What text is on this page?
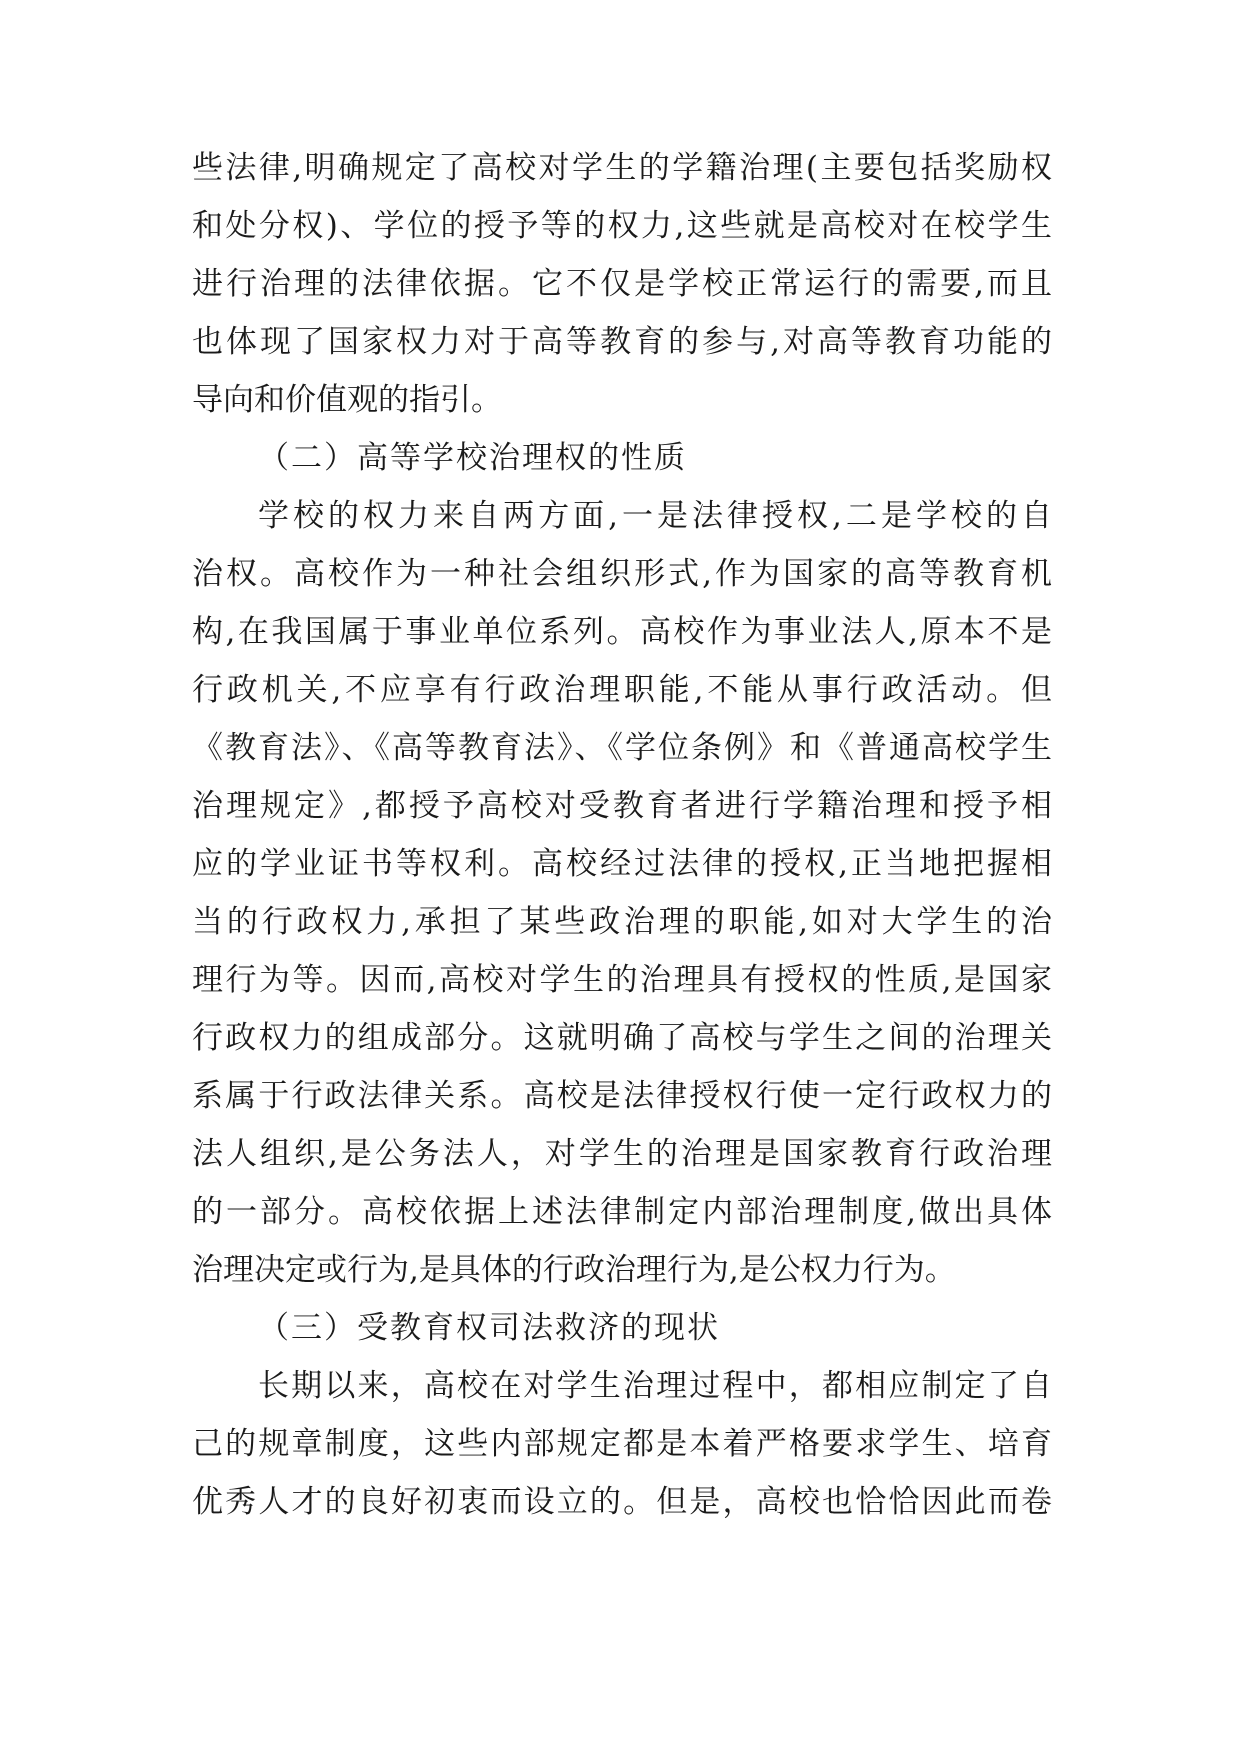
些法律,明确规定了高校对学生的学籍治理(主要包括奖励权
和处分权)、学位的授予等的权力,这些就是高校对在校学生
进行治理的法律依据。它不仅是学校正常运行的需要,而且
也体现了国家权力对于高等教育的参与,对高等教育功能的
导向和价值观的指引。
（二）高等学校治理权的性质
学校的权力来自两方面,一是法律授权,二是学校的自
治权。高校作为一种社会组织形式,作为国家的高等教育机
构,在我国属于事业单位系列。高校作为事业法人,原本不是
行政机关,不应享有行政治理职能,不能从事行政活动。但
《教育法》、《高等教育法》、《学位条例》和《普通高校学生
治理规定》,都授予高校对受教育者进行学籍治理和授予相
应的学业证书等权利。高校经过法律的授权,正当地把握相
当的行政权力,承担了某些政治理的职能,如对大学生的治
理行为等。因而,高校对学生的治理具有授权的性质,是国家
行政权力的组成部分。这就明确了高校与学生之间的治理关
系属于行政法律关系。高校是法律授权行使一定行政权力的
法人组织,是公务法人，对学生的治理是国家教育行政治理
的一部分。高校依据上述法律制定内部治理制度,做出具体
治理决定或行为,是具体的行政治理行为,是公权力行为。
（三）受教育权司法救济的现状
长期以来，高校在对学生治理过程中，都相应制定了自
己的规章制度，这些内部规定都是本着严格要求学生、培育
优秀人才的良好初衷而设立的。但是，高校也恰恰因此而卷
